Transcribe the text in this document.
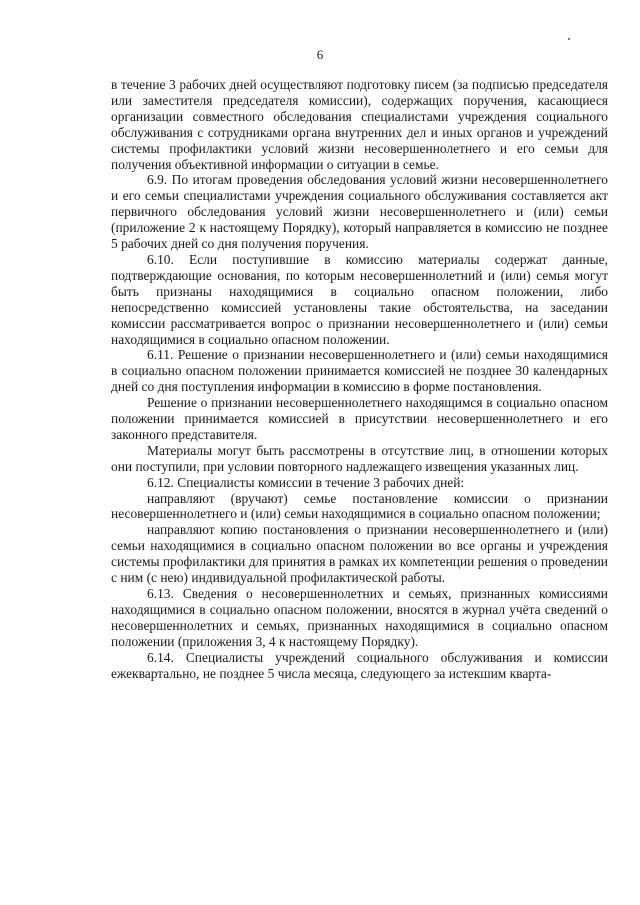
6

в течение 3 рабочих дней осуществляют подготовку писем (за подписью председателя или заместителя председателя комиссии), содержащих поручения, касающиеся организации совместного обследования специалистами учреждения социального обслуживания с сотрудниками органа внутренних дел и иных органов и учреждений системы профилактики условий жизни несовершеннолетнего и его семьи для получения объективной информации о ситуации в семье.

6.9. По итогам проведения обследования условий жизни несовершеннолетнего и его семьи специалистами учреждения социального обслуживания составляется акт первичного обследования условий жизни несовершеннолетнего и (или) семьи (приложение 2 к настоящему Порядку), который направляется в комиссию не позднее 5 рабочих дней со дня получения поручения.

6.10. Если поступившие в комиссию материалы содержат данные, подтверждающие основания, по которым несовершеннолетний и (или) семья могут быть признаны находящимися в социально опасном положении, либо непосредственно комиссией установлены такие обстоятельства, на заседании комиссии рассматривается вопрос о признании несовершеннолетнего и (или) семьи находящимися в социально опасном положении.

6.11. Решение о признании несовершеннолетнего и (или) семьи находящимися в социально опасном положении принимается комиссией не позднее 30 календарных дней со дня поступления информации в комиссию в форме постановления.

Решение о признании несовершеннолетнего находящимся в социально опасном положении принимается комиссией в присутствии несовершеннолетнего и его законного представителя.

Материалы могут быть рассмотрены в отсутствие лиц, в отношении которых они поступили, при условии повторного надлежащего извещения указанных лиц.

6.12. Специалисты комиссии в течение 3 рабочих дней:

направляют (вручают) семье постановление комиссии о признании несовершеннолетнего и (или) семьи находящимися в социально опасном положении;

направляют копию постановления о признании несовершеннолетнего и (или) семьи находящимися в социально опасном положении во все органы и учреждения системы профилактики для принятия в рамках их компетенции решения о проведении с ним (с нею) индивидуальной профилактической работы.

6.13. Сведения о несовершеннолетних и семьях, признанных комиссиями находящимися в социально опасном положении, вносятся в журнал учёта сведений о несовершеннолетних и семьях, признанных находящимися в социально опасном положении (приложения 3, 4 к настоящему Порядку).

6.14. Специалисты учреждений социального обслуживания и комиссии ежеквартально, не позднее 5 числа месяца, следующего за истекшим кварта-
